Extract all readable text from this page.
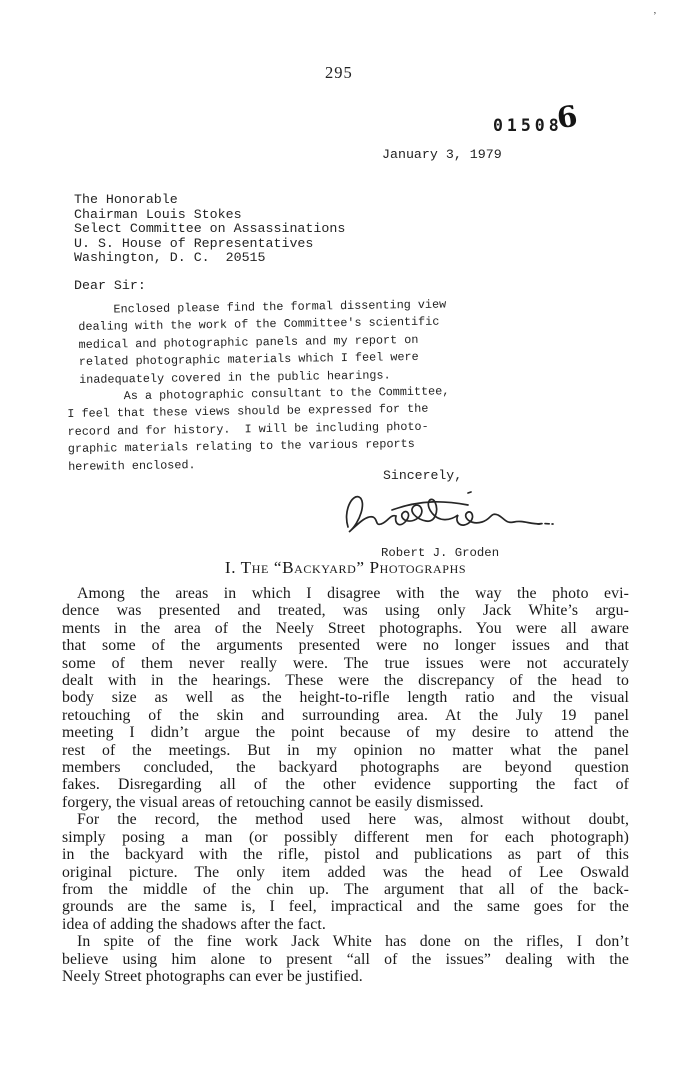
295
ʼ
015086
January 3, 1979
The Honorable
Chairman Louis Stokes
Select Committee on Assassinations
U. S. House of Representatives
Washington, D. C.  20515
Dear Sir:
Enclosed please find the formal dissenting view
dealing with the work of the Committee's scientific
medical and photographic panels and my report on
related photographic materials which I feel were
inadequately covered in the public hearings.
As a photographic consultant to the Committee,
I feel that these views should be expressed for the
record and for history.  I will be including photo-
graphic materials relating to the various reports
herewith enclosed.
Sincerely,
Robert J. Groden
I. The “Backyard” Photographs
Among the areas in which I disagree with the way the photo evi-
dence was presented and treated, was using only Jack White’s argu-
ments in the area of the Neely Street photographs. You were all aware
that some of the arguments presented were no longer issues and that
some of them never really were. The true issues were not accurately
dealt with in the hearings. These were the discrepancy of the head to
body size as well as the height-to-rifle length ratio and the visual
retouching of the skin and surrounding area. At the July 19 panel
meeting I didn’t argue the point because of my desire to attend the
rest of the meetings. But in my opinion no matter what the panel
members concluded, the backyard photographs are beyond question
fakes. Disregarding all of the other evidence supporting the fact of
forgery, the visual areas of retouching cannot be easily dismissed.
For the record, the method used here was, almost without doubt,
simply posing a man (or possibly different men for each photograph)
in the backyard with the rifle, pistol and publications as part of this
original picture. The only item added was the head of Lee Oswald
from the middle of the chin up. The argument that all of the back-
grounds are the same is, I feel, impractical and the same goes for the
idea of adding the shadows after the fact.
In spite of the fine work Jack White has done on the rifles, I don’t
believe using him alone to present “all of the issues” dealing with the
Neely Street photographs can ever be justified.
